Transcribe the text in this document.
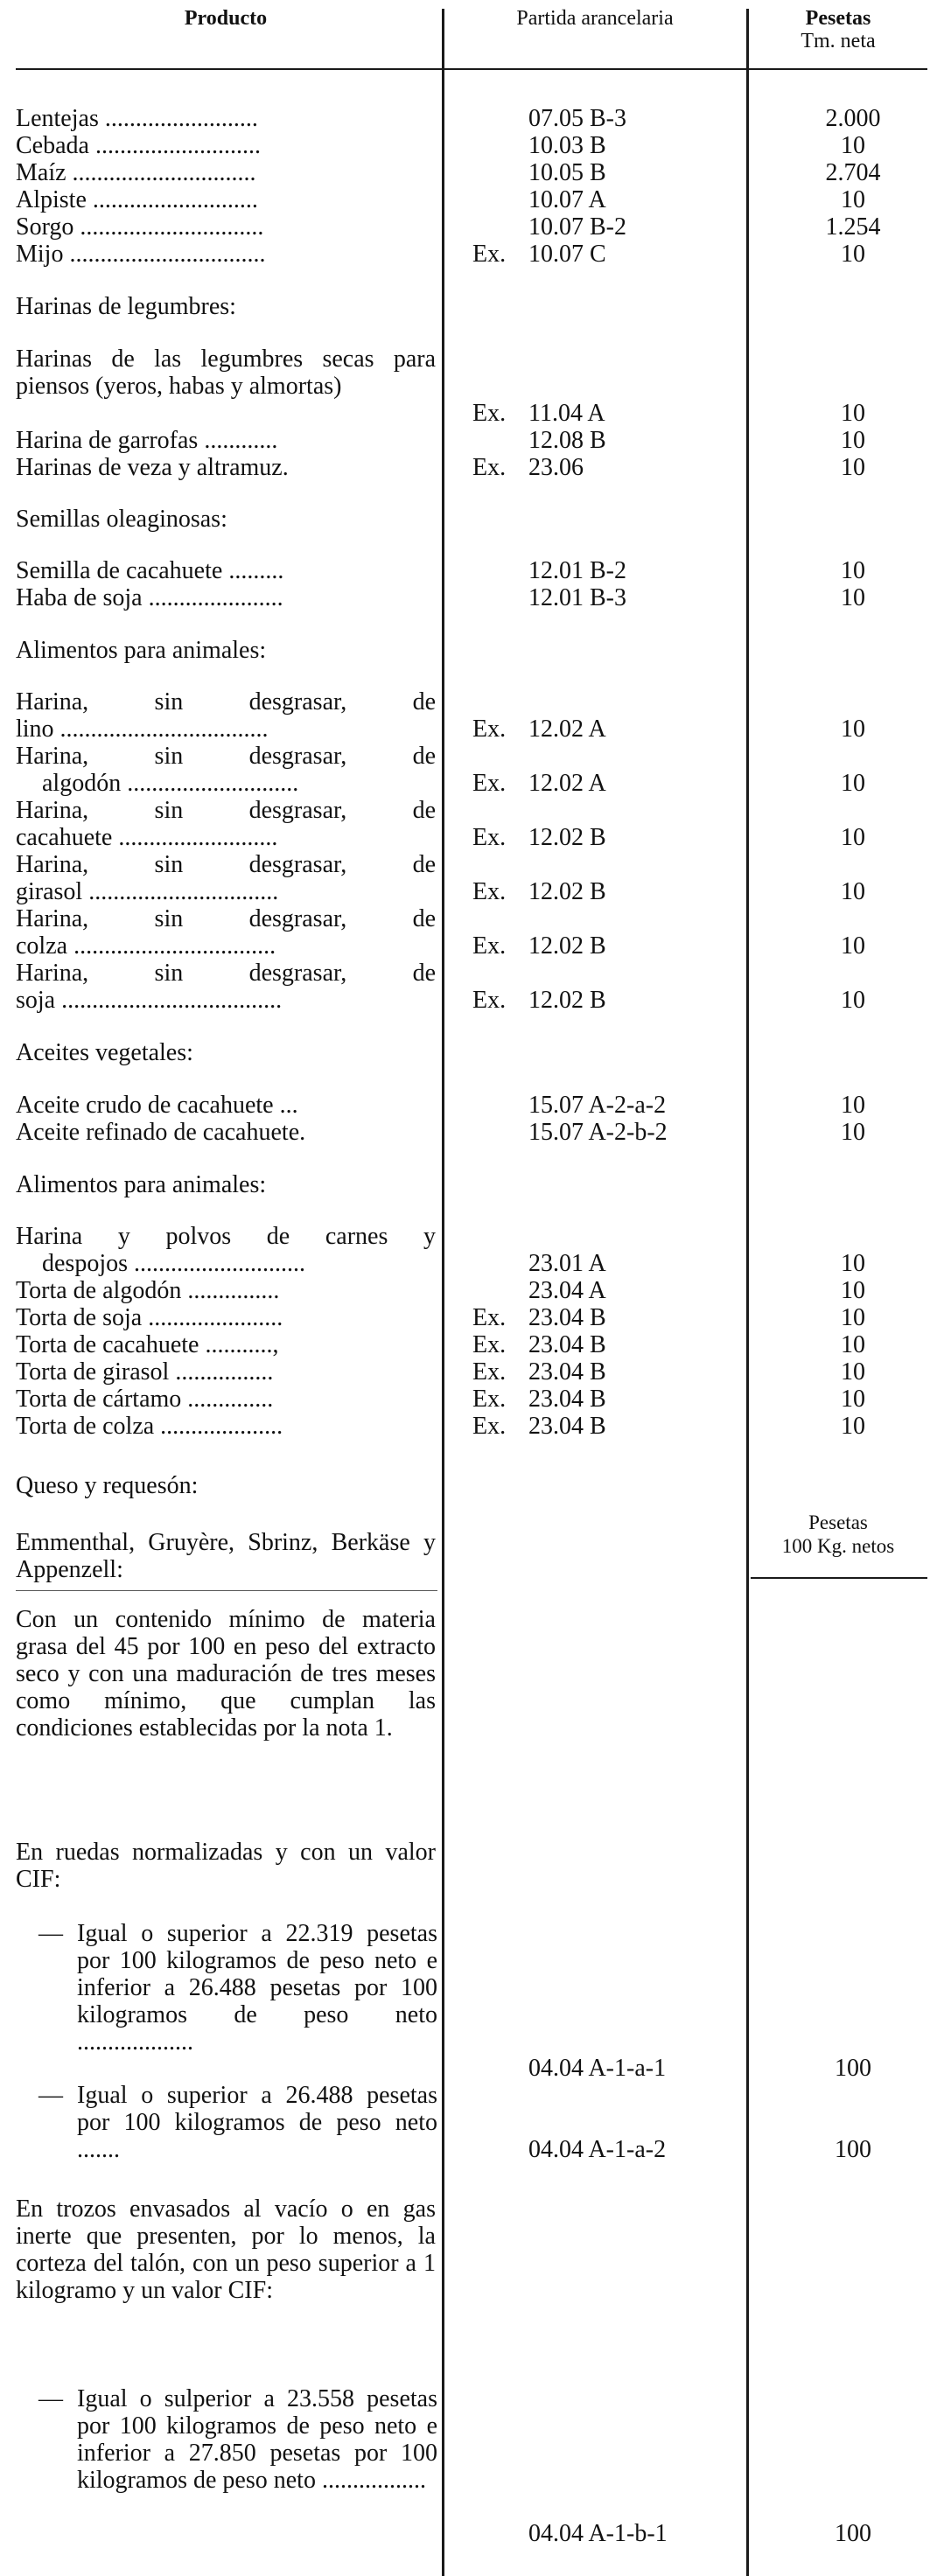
Producto	Partida arancelaria	Pesetas
Tm. neta
Lentejas .........................	07.05 B-3	2.000
Cebada ...........................	10.03 B	10
Maíz ..............................	10.05 B	2.704
Alpiste ...........................	10.07 A	10
Sorgo ..............................	10.07 B-2	1.254
Mijo ................................	Ex. 10.07 C	10
Harinas de legumbres:
Harinas de las legumbres secas para piensos (yeros, habas y almortas)
Ex. 11.04 A	10
Harina de garrofas ............	12.08 B	10
Harinas de veza y altramuz.	Ex. 23.06	10
Semillas oleaginosas:
Semilla de cacahuete .........	12.01 B-2	10
Haba de soja ......................	12.01 B-3	10
Alimentos para animales:
Harina, sin desgrasar, de
lino ..................................	Ex. 12.02 A	10
Harina, sin desgrasar, de
algodón ............................	Ex. 12.02 A	10
Harina, sin desgrasar, de
cacahuete ..........................	Ex. 12.02 B	10
Harina, sin desgrasar, de
girasol ...............................	Ex. 12.02 B	10
Harina, sin desgrasar, de
colza .................................	Ex. 12.02 B	10
Harina, sin desgrasar, de
soja ....................................	Ex. 12.02 B	10
Aceites vegetales:
Aceite crudo de cacahuete ...	15.07 A-2-a-2	10
Aceite refinado de cacahuete.	15.07 A-2-b-2	10
Alimentos para animales:
Harina y polvos de carnes y
despojos ............................	23.01 A	10
Torta de algodón ...............	23.04 A	10
Torta de soja ......................	Ex. 23.04 B	10
Torta de cacahuete ...........,	Ex. 23.04 B	10
Torta de girasol ................	Ex. 23.04 B	10
Torta de cártamo ..............	Ex. 23.04 B	10
Torta de colza ....................	Ex. 23.04 B	10
Queso y requesón:
Pesetas
100 Kg. netos
Emmenthal, Gruyère, Sbrinz, Berkäse y Appenzell:
Con un contenido mínimo de materia grasa del 45 por 100 en peso del extracto seco y con una maduración de tres meses como mínimo, que cumplan las condiciones establecidas por la nota 1.
En ruedas normalizadas y con un valor CIF:
— Igual o superior a 22.319 pesetas por 100 kilogramos de peso neto e inferior a 26.488 pesetas por 100 kilogramos de peso neto ...................
04.04 A-1-a-1	100
— Igual o superior a 26.488 pesetas por 100 kilogramos de peso neto .......	04.04 A-1-a-2	100
En trozos envasados al vacío o en gas inerte que presenten, por lo menos, la corteza del talón, con un peso superior a 1 kilogramo y un valor CIF:
— Igual o sulperior a 23.558 pesetas por 100 kilogramos de peso neto e inferior a 27.850 pesetas por 100 kilogramos de peso neto .................
04.04 A-1-b-1	100
